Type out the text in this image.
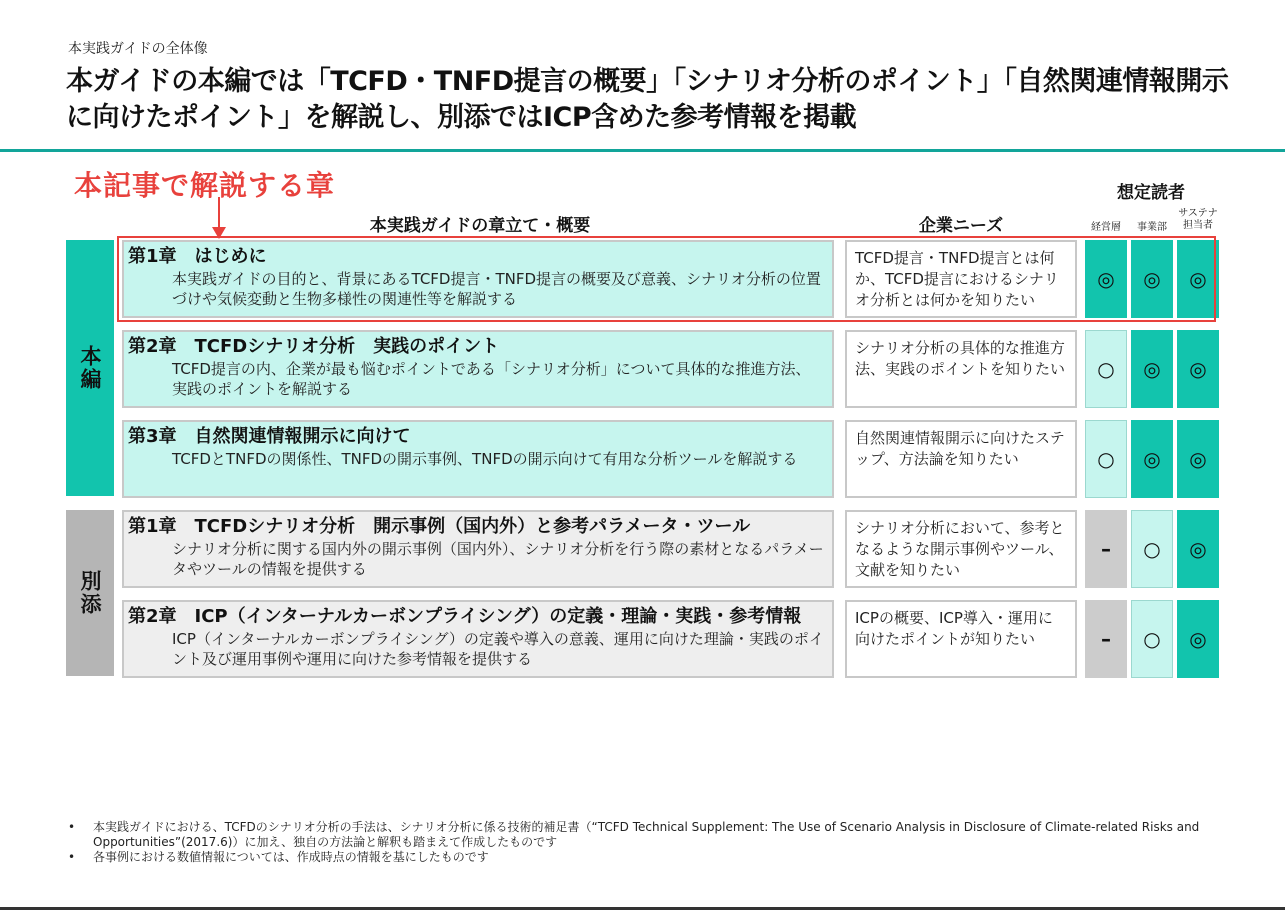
本実践ガイドの全体像
本ガイドの本編では「TCFD・TNFD提言の概要」「シナリオ分析のポイント」「自然関連情報開示に向けたポイント」を解説し、別添ではICP含めた参考情報を掲載
本記事で解説する章
本実践ガイドの章立て・概要	企業ニーズ
想定読者
経営層	事業部
サステナ 担当者
本編
別添
第1章　はじめに
本実践ガイドの目的と、背景にあるTCFD提言・TNFD提言の概要及び意義、シナリオ分析の位置づけや気候変動と生物多様性の関連性等を解説する
TCFD提言・TNFD提言とは何か、TCFD提言におけるシナリオ分析とは何かを知りたい
◎	◎	◎
第2章　TCFDシナリオ分析　実践のポイント
TCFD提言の内、企業が最も悩むポイントである「シナリオ分析」について具体的な推進方法、実践のポイントを解説する
シナリオ分析の具体的な推進方法、実践のポイントを知りたい	○	◎	◎
第3章　自然関連情報開示に向けて
TCFDとTNFDの関係性、TNFDの開示事例、TNFDの開示向けて有用な分析ツールを解説する
自然関連情報開示に向けたステップ、方法論を知りたい	○	◎	◎
第1章　TCFDシナリオ分析　開示事例（国内外）と参考パラメータ・ツール
シナリオ分析に関する国内外の開示事例（国内外）、シナリオ分析を行う際の素材となるパラメータやツールの情報を提供する
シナリオ分析において、参考となるような開示事例やツール、文献を知りたい
–	○	◎
第2章　ICP（インターナルカーボンプライシング）の定義・理論・実践・参考情報
ICP（インターナルカーボンプライシング）の定義や導入の意義、運用に向けた理論・実践のポイント及び運用事例や運用に向けた参考情報を提供する
ICPの概要、ICP導入・運用に向けたポイントが知りたい	–	○	◎
•	本実践ガイドにおける、TCFDのシナリオ分析の手法は、シナリオ分析に係る技術的補足書（“TCFD Technical Supplement: The Use of Scenario Analysis in Disclosure of Climate-related Risks and Opportunities”(2017.6)）に加え、独自の方法論と解釈も踏まえて作成したものです
•	各事例における数値情報については、作成時点の情報を基にしたものです
